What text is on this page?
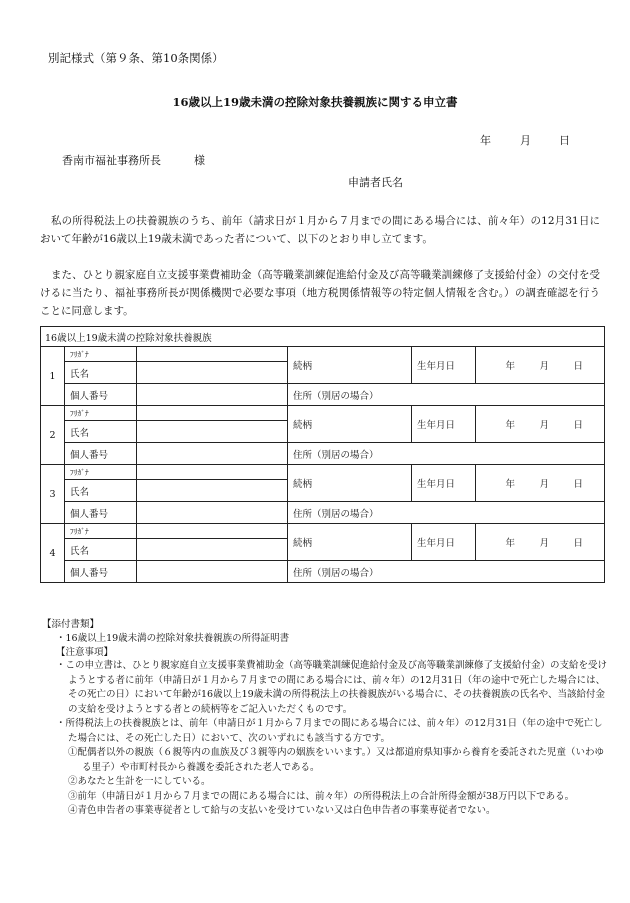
別記様式（第９条、第10条関係）
16歳以上19歳未満の控除対象扶養親族に関する申立書
年	月	日
香南市福祉事務所長　　　様
申請者氏名
私の所得税法上の扶養親族のうち、前年（請求日が１月から７月までの間にある場合には、前々年）の12月31日において年齢が16歳以上19歳未満であった者について、以下のとおり申し立てます。
また、ひとり親家庭自立支援事業費補助金（高等職業訓練促進給付金及び高等職業訓練修了支援給付金）の交付を受けるに当たり、福祉事務所長が関係機関で必要な事項（地方税関係情報等の特定個人情報を含む。）の調査確認を行うことに同意します。
16歳以上19歳未満の控除対象扶養親族					
1	ﾌﾘｶﾞﾅ		続柄	生年月日	年 月 日
	氏名				
	個人番号		住所（別居の場合）		
2	ﾌﾘｶﾞﾅ		続柄	生年月日	年 月 日
	氏名				
	個人番号		住所（別居の場合）		
3	ﾌﾘｶﾞﾅ		続柄	生年月日	年 月 日
	氏名				
	個人番号		住所（別居の場合）		
4	ﾌﾘｶﾞﾅ		続柄	生年月日	年 月 日
	氏名				
	個人番号		住所（別居の場合）		
【添付書類】
・16歳以上19歳未満の控除対象扶養親族の所得証明書
【注意事項】
・この申立書は、ひとり親家庭自立支援事業費補助金（高等職業訓練促進給付金及び高等職業訓練修了支援給付金）の支給を受けようとする者に前年（申請日が１月から７月までの間にある場合には、前々年）の12月31日（年の途中で死亡した場合には、その死亡の日）において年齢が16歳以上19歳未満の所得税法上の扶養親族がいる場合に、その扶養親族の氏名や、当該給付金の支給を受けようとする者との続柄等をご記入いただくものです。
・所得税法上の扶養親族とは、前年（申請日が１月から７月までの間にある場合には、前々年）の12月31日（年の途中で死亡した場合には、その死亡した日）において、次のいずれにも該当する方です。
①配偶者以外の親族（６親等内の血族及び３親等内の姻族をいいます。）又は都道府県知事から養育を委託された児童（いわゆる里子）や市町村長から養護を委託された老人である。
②あなたと生計を一にしている。
③前年（申請日が１月から７月までの間にある場合には、前々年）の所得税法上の合計所得金額が38万円以下である。
④青色申告者の事業専従者として給与の支払いを受けていない又は白色申告者の事業専従者でない。
